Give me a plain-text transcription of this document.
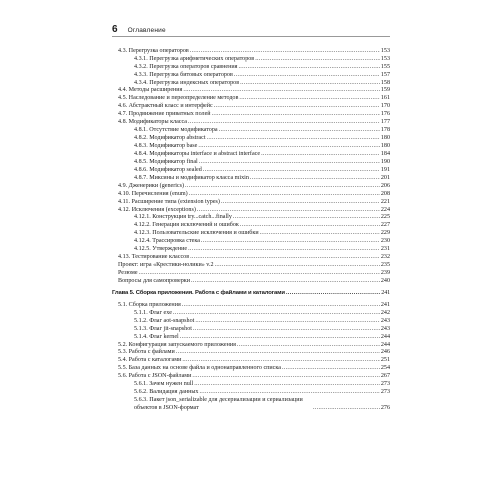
6 Оглавление
4.3. Перегрузка операторов .....	153
4.3.1. Перегрузка арифметических операторов .....	153
4.3.2. Перегрузка операторов сравнения .....	155
4.3.3. Перегрузка битовых операторов .....	157
4.3.4. Перегрузка индексных операторов .....	158
4.4. Методы расширения .....	159
4.5. Наследование и переопределение методов .....	161
4.6. Абстрактный класс и интерфейс .....	170
4.7. Продвижение приватных полей .....	176
4.8. Модификаторы класса .....	177
4.8.1. Отсутствие модификатора .....	178
4.8.2. Модификатор abstract .....	180
4.8.3. Модификатор base .....	180
4.8.4. Модификаторы interface и abstract interface .....	184
4.8.5. Модификатор final .....	190
4.8.6. Модификатор sealed .....	191
4.8.7. Миксины и модификатор класса mixin .....	201
4.9. Дженерики (generics) .....	206
4.10. Перечисления (enum) .....	208
4.11. Расширение типа (extension types) .....	221
4.12. Исключения (exceptions) .....	224
4.12.1. Конструкция try...catch...finally .....	225
4.12.2. Генерация исключений и ошибок .....	227
4.12.3. Пользовательские исключения и ошибки .....	229
4.12.4. Трассировка стека .....	230
4.12.5. Утверждение .....	231
4.13. Тестирование классов .....	232
Проект: игра «Крестики-нолики» v.2 .....	235
Резюме .....	239
Вопросы для самопроверки .....	240
Глава 5. Сборка приложения. Работа с файлами и каталогами .....	241
5.1. Сборка приложения .....	241
5.1.1. Флаг exe .....	242
5.1.2. Флаг aot-snapshot .....	243
5.1.3. Флаг jit-snapshot .....	243
5.1.4. Флаг kernel .....	244
5.2. Конфигурация запускаемого приложения .....	244
5.3. Работа с файлами .....	246
5.4. Работа с каталогами .....	251
5.5. База данных на основе файла и однонаправленного списка .....	254
5.6. Работа с JSON-файлами .....	267
5.6.1. Зачем нужен null .....	273
5.6.2. Валидация данных .....	273
5.6.3. Пакет json_serializable для десериализации и сериализации объектов в JSON-формат .....	276
